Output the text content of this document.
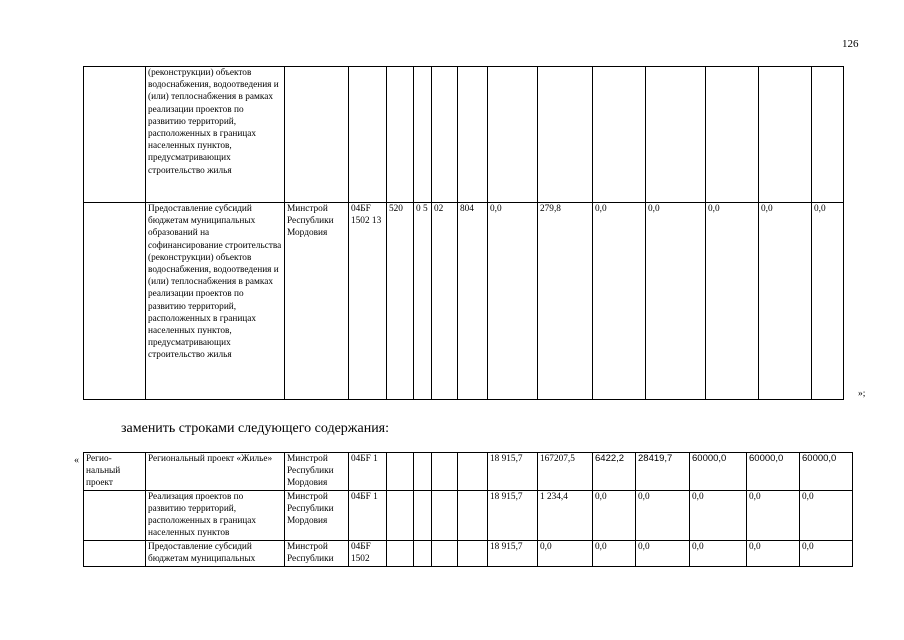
126
	(реконструкции) объектов водоснабжения, водоотведения и (или) теплоснабжения в рамках реализации проектов по развитию территорий, расположенных в границах населенных пунктов, предусматривающих строительство жилья													
	Предоставление субсидий бюджетам муниципальных образований на софинансирование строительства (реконструкции) объектов водоснабжения, водоотведения и (или) теплоснабжения в рамках реализации проектов по развитию территорий, расположенных в границах населенных пунктов, предусматривающих строительство жилья	Минстрой Республики Мордовия	04БF 1502 13	520	0 5	02	804	0,0	279,8	0,0	0,0	0,0	0,0	0,0
»;
заменить строками следующего содержания:
« Регио-нальный проект	Региональный проект «Жилье»	Минстрой Республики Мордовия	04БF 1					18 915,7	167207,5	6422,2	28419,7	60000,0	60000,0	60000,0
	Реализация проектов по развитию территорий, расположенных в границах населенных пунктов	Минстрой Республики Мордовия	04БF 1					18 915,7	1 234,4	0,0	0,0	0,0	0,0	0,0
	Предоставление субсидий бюджетам муниципальных	Минстрой Республики	04БF 1502					18 915,7	0,0	0,0	0,0	0,0	0,0	0,0
